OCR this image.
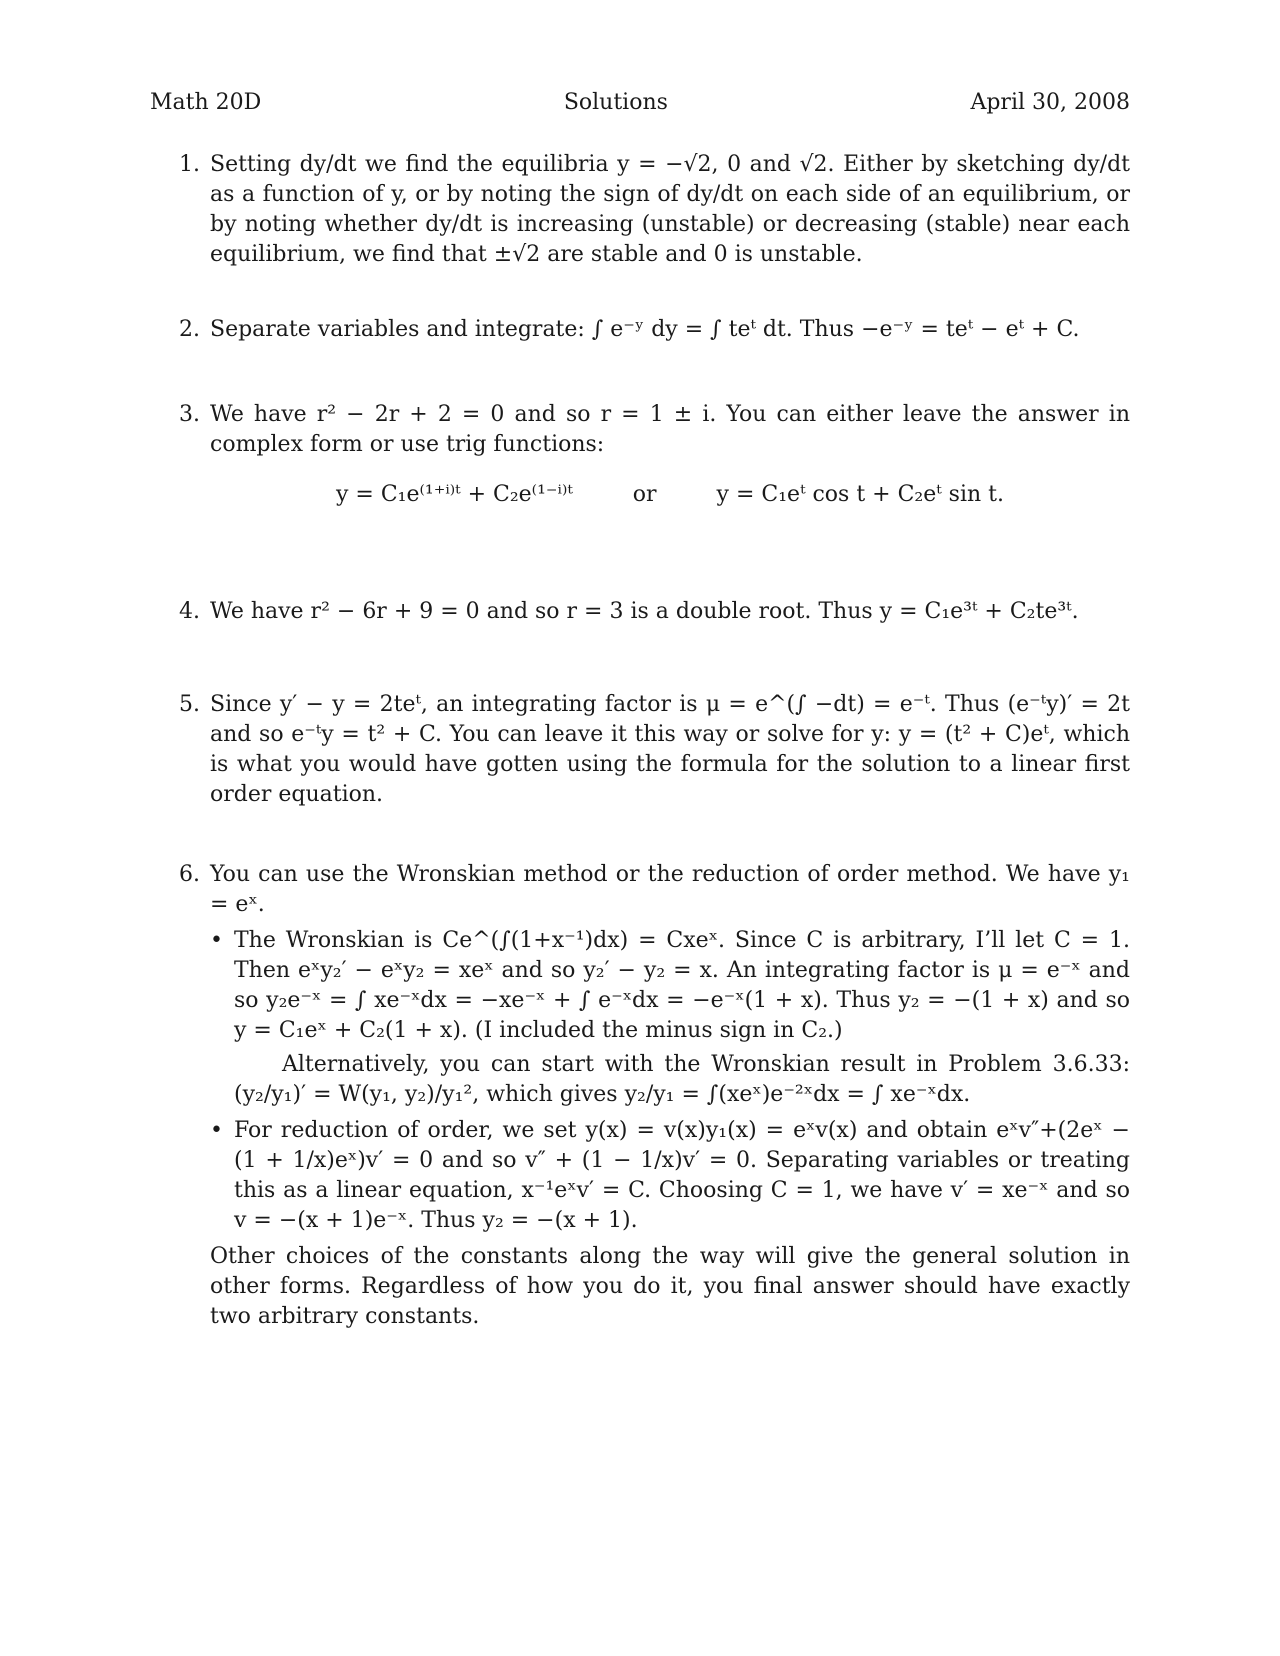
Math 20D	Solutions	April 30, 2008
1. Setting dy/dt we find the equilibria y = −√2, 0 and √2. Either by sketching dy/dt as a function of y, or by noting the sign of dy/dt on each side of an equilibrium, or by noting whether dy/dt is increasing (unstable) or decreasing (stable) near each equilibrium, we find that ±√2 are stable and 0 is unstable.
2. Separate variables and integrate: ∫ e⁻ʸ dy = ∫ teᵗ dt. Thus −e⁻ʸ = teᵗ − eᵗ + C.
3. We have r² − 2r + 2 = 0 and so r = 1 ± i. You can either leave the answer in complex form or use trig functions:
y = C₁e⁽¹⁺ⁱ⁾ᵗ + C₂e⁽¹⁻ⁱ⁾ᵗ	or	y = C₁eᵗ cos t + C₂eᵗ sin t.
4. We have r² − 6r + 9 = 0 and so r = 3 is a double root. Thus y = C₁e³ᵗ + C₂te³ᵗ.
5. Since y′ − y = 2teᵗ, an integrating factor is μ = e^(∫ −dt) = e⁻ᵗ. Thus (e⁻ᵗy)′ = 2t and so e⁻ᵗy = t² + C. You can leave it this way or solve for y: y = (t² + C)eᵗ, which is what you would have gotten using the formula for the solution to a linear first order equation.
6. You can use the Wronskian method or the reduction of order method. We have y₁ = eˣ.
• The Wronskian is Ce^(∫(1+x⁻¹)dx) = Cxeˣ. Since C is arbitrary, I’ll let C = 1. Then eˣy₂′ − eˣy₂ = xeˣ and so y₂′ − y₂ = x. An integrating factor is μ = e⁻ˣ and so y₂e⁻ˣ = ∫ xe⁻ˣdx = −xe⁻ˣ + ∫ e⁻ˣdx = −e⁻ˣ(1 + x). Thus y₂ = −(1 + x) and so y = C₁eˣ + C₂(1 + x). (I included the minus sign in C₂.)
Alternatively, you can start with the Wronskian result in Problem 3.6.33: (y₂/y₁)′ = W(y₁, y₂)/y₁², which gives y₂/y₁ = ∫(xeˣ)e⁻²ˣdx = ∫ xe⁻ˣdx.
• For reduction of order, we set y(x) = v(x)y₁(x) = eˣv(x) and obtain eˣv″+(2eˣ − (1 + 1/x)eˣ)v′ = 0 and so v″ + (1 − 1/x)v′ = 0. Separating variables or treating this as a linear equation, x⁻¹eˣv′ = C. Choosing C = 1, we have v′ = xe⁻ˣ and so v = −(x + 1)e⁻ˣ. Thus y₂ = −(x + 1).
Other choices of the constants along the way will give the general solution in other forms. Regardless of how you do it, you final answer should have exactly two arbitrary constants.
